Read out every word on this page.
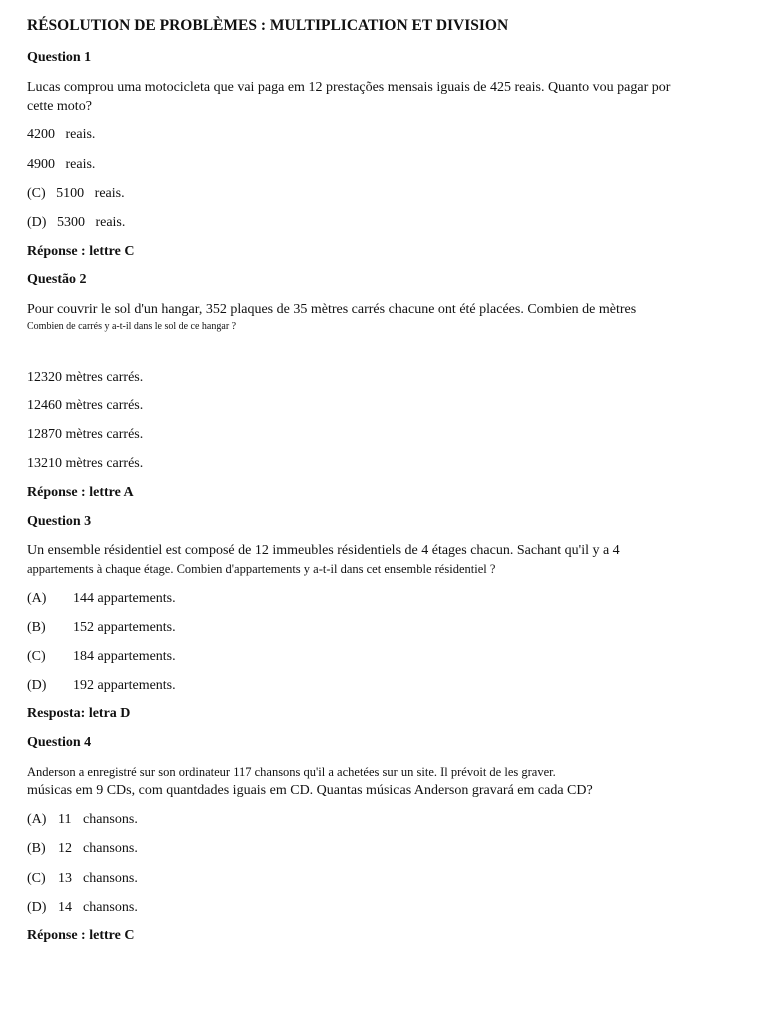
RÉSOLUTION DE PROBLÈMES : MULTIPLICATION ET DIVISION
Question 1
Lucas comprou uma motocicleta que vai paga em 12 prestações mensais iguais de 425 reais. Quanto vou pagar por
cette moto?
4200 reais.
4900 reais.
(C) 5100 reais.
(D) 5300 reais.
Réponse : lettre C
Questão 2
Pour couvrir le sol d'un hangar, 352 plaques de 35 mètres carrés chacune ont été placées. Combien de mètres
Combien de carrés y a-t-il dans le sol de ce hangar ?
12320 mètres carrés.
12460 mètres carrés.
12870 mètres carrés.
13210 mètres carrés.
Réponse : lettre A
Question 3
Un ensemble résidentiel est composé de 12 immeubles résidentiels de 4 étages chacun. Sachant qu'il y a 4
appartements à chaque étage. Combien d'appartements y a-t-il dans cet ensemble résidentiel ?
(A) 144 appartements.
(B) 152 appartements.
(C) 184 appartements.
(D) 192 appartements.
Resposta: letra D
Question 4
Anderson a enregistré sur son ordinateur 117 chansons qu'il a achetées sur un site. Il prévoit de les graver.
músicas em 9 CDs, com quantdades iguais em CD. Quantas músicas Anderson gravará em cada CD?
(A) 11 chansons.
(B) 12 chansons.
(C) 13 chansons.
(D) 14 chansons.
Réponse : lettre C
